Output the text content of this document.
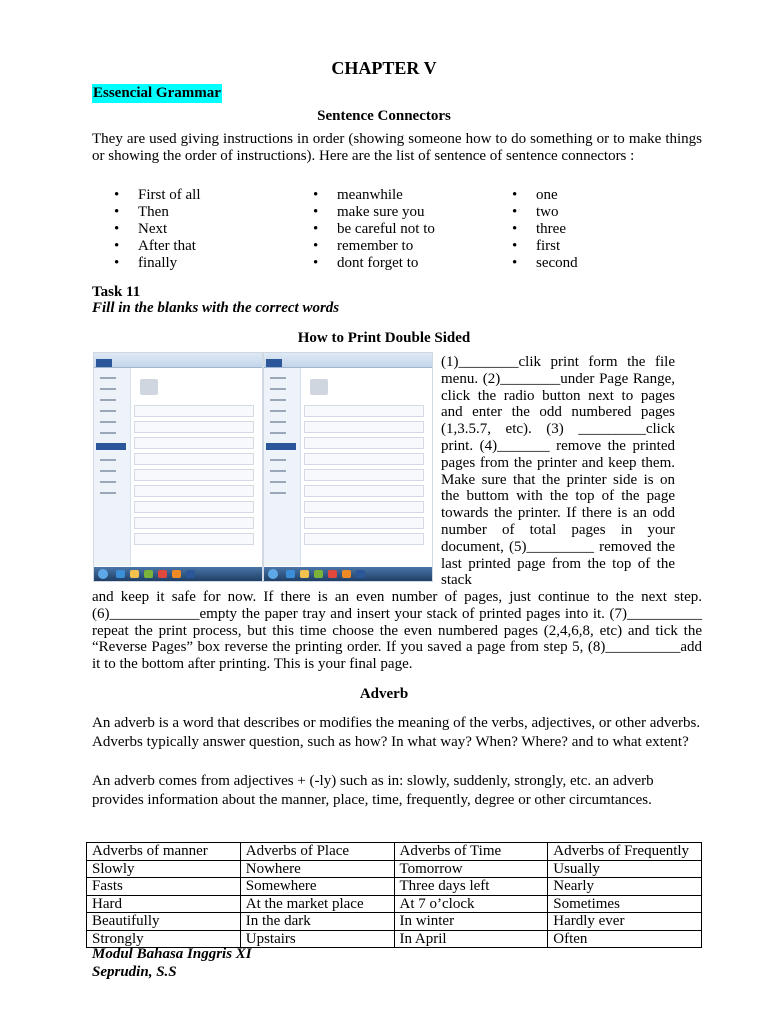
CHAPTER V
Essencial Grammar
Sentence Connectors
They are used giving instructions in order (showing someone how to do something or to make things or showing the order of instructions). Here are the list of sentence of sentence connectors :
• First of all
• Then
• Next
• After that
• finally
• meanwhile
• make sure you
• be careful not to
• remember to
• dont forget to
• one
• two
• three
• first
• second
Task 11
Fill in the blanks with the correct words
How to Print Double Sided
(1)________clik print form the file menu. (2)________under Page Range, click the radio button next to pages and enter the odd numbered pages (1,3.5.7, etc). (3) _________click print. (4)_______ remove the printed pages from the printer and keep them. Make sure that the printer side is on the buttom with the top of the page towards the printer. If there is an odd number of total pages in your document, (5)_________ removed the last printed page from the top of the stack
and keep it safe for now. If there is an even number of pages, just continue to the next step. (6)____________empty the paper tray and insert your stack of printed pages into it. (7)__________ repeat the print process, but this time choose the even numbered pages (2,4,6,8, etc) and tick the “Reverse Pages” box reverse the printing order. If you saved a page from step 5, (8)__________add it to the bottom after printing. This is your final page.
Adverb
An adverb is a word that describes or modifies the meaning of the verbs, adjectives, or other adverbs. Adverbs typically answer question, such as how? In what way? When? Where? and to what extent?
An adverb comes from adjectives + (-ly) such as in: slowly, suddenly, strongly, etc. an adverb provides information about the manner, place, time, frequently, degree or other circumtances.
Adverbs of manner	Adverbs of Place	Adverbs of Time	Adverbs of Frequently
Slowly	Nowhere	Tomorrow	Usually
Fasts	Somewhere	Three days left	Nearly
Hard	At the market place	At 7 o’clock	Sometimes
Beautifully	In the dark	In winter	Hardly ever
Strongly	Upstairs	In April	Often
Modul Bahasa Inggris XI
Seprudin, S.S
